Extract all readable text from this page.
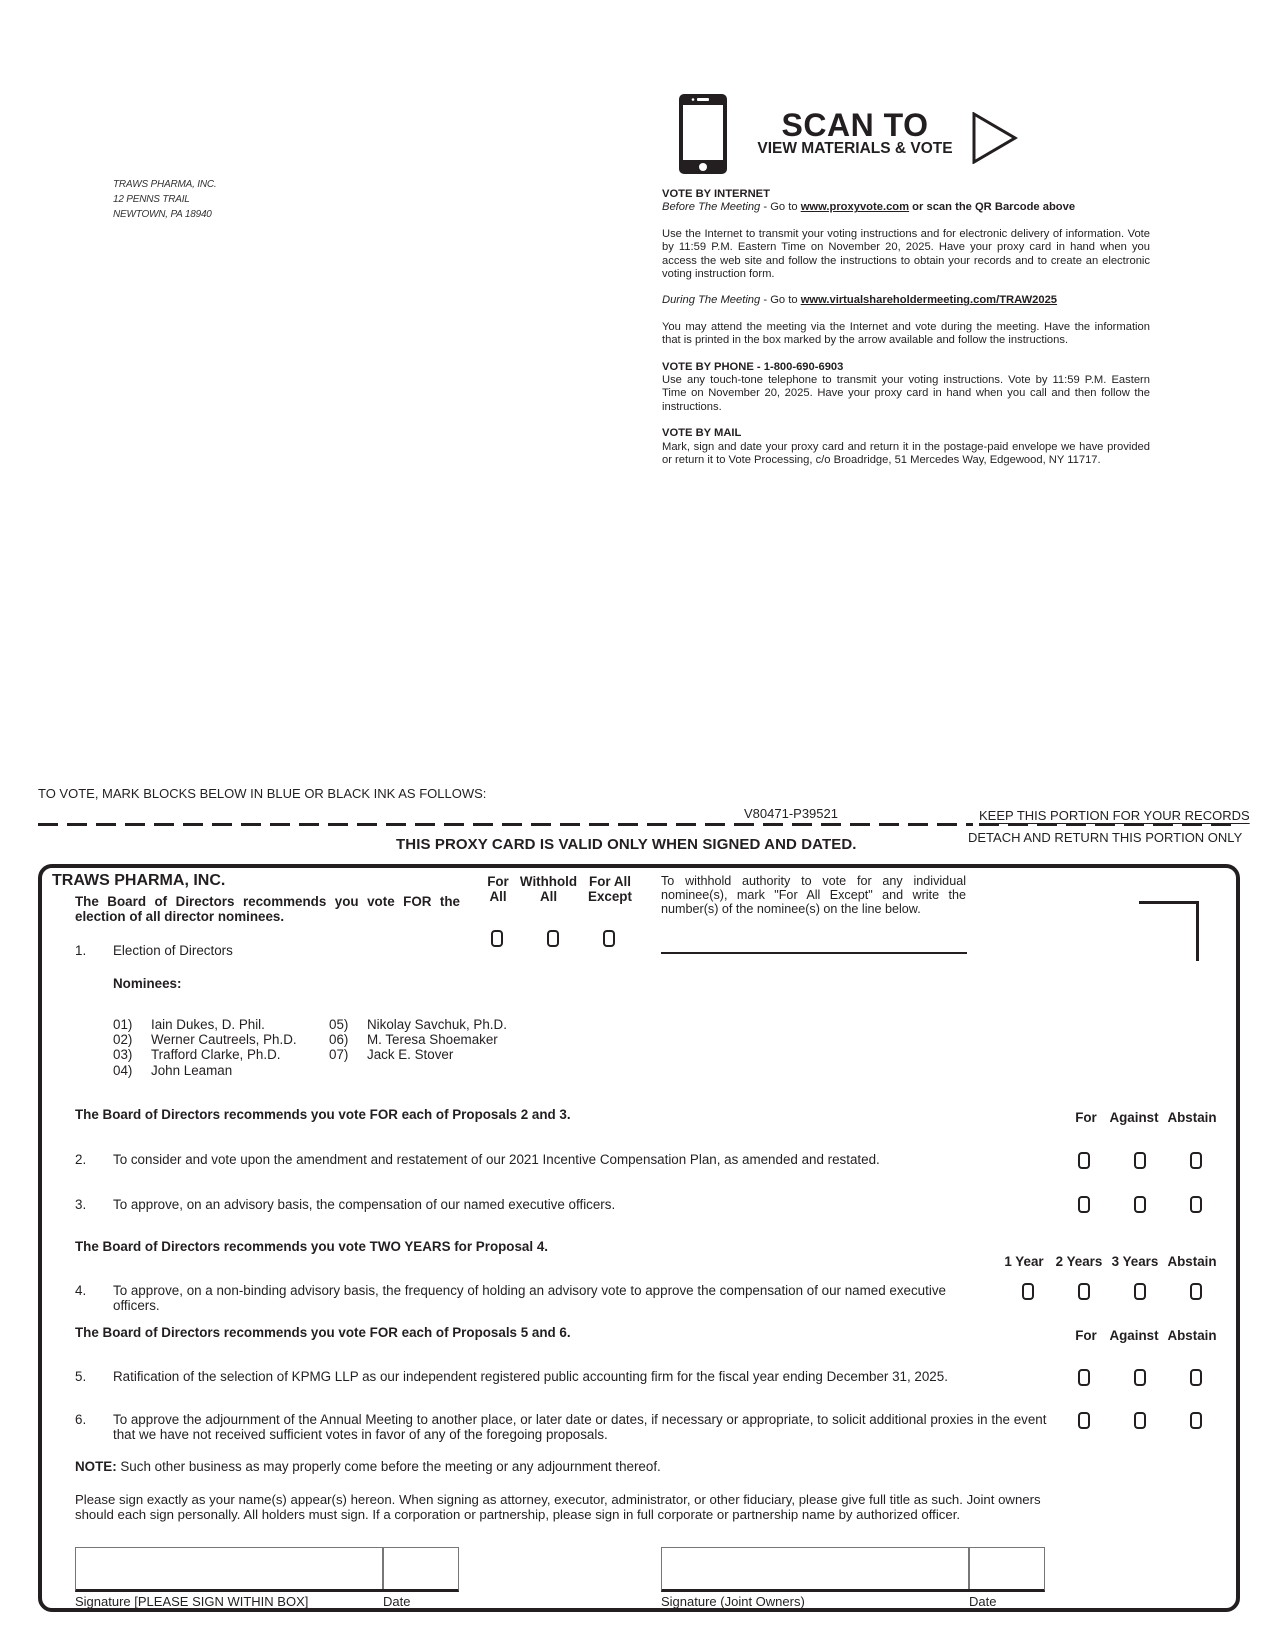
TRAWS PHARMA, INC.
12 PENNS TRAIL
NEWTOWN, PA 18940
SCAN TO
VIEW MATERIALS & VOTE
VOTE BY INTERNET
Before The Meeting - Go to www.proxyvote.com or scan the QR Barcode above

Use the Internet to transmit your voting instructions and for electronic delivery of information. Vote by 11:59 P.M. Eastern Time on November 20, 2025. Have your proxy card in hand when you access the web site and follow the instructions to obtain your records and to create an electronic voting instruction form.

During The Meeting - Go to www.virtualshareholdermeeting.com/TRAW2025

You may attend the meeting via the Internet and vote during the meeting. Have the information that is printed in the box marked by the arrow available and follow the instructions.

VOTE BY PHONE - 1-800-690-6903

Use any touch-tone telephone to transmit your voting instructions. Vote by 11:59 P.M. Eastern Time on November 20, 2025. Have your proxy card in hand when you call and then follow the instructions.

VOTE BY MAIL

Mark, sign and date your proxy card and return it in the postage-paid envelope we have provided or return it to Vote Processing, c/o Broadridge, 51 Mercedes Way, Edgewood, NY 11717.

TO VOTE, MARK BLOCKS BELOW IN BLUE OR BLACK INK AS FOLLOWS:
V80471-P39521	KEEP THIS PORTION FOR YOUR RECORDS
THIS PROXY CARD IS VALID ONLY WHEN SIGNED AND DATED.	DETACH AND RETURN THIS PORTION ONLY
TRAWS PHARMA, INC.
The Board of Directors recommends you vote FOR the election of all director nominees.
For
All
Withhold
All
For All
Except
To withhold authority to vote for any individual nominee(s), mark "For All Except" and write the number(s) of the nominee(s) on the line below.
1. Election of Directors
Nominees:
01) Iain Dukes, D. Phil.
02) Werner Cautreels, Ph.D.
03) Trafford Clarke, Ph.D.
04) John Leaman
05) Nikolay Savchuk, Ph.D.
06) M. Teresa Shoemaker
07) Jack E. Stover
The Board of Directors recommends you vote FOR each of Proposals 2 and 3.	For Against Abstain
2. To consider and vote upon the amendment and restatement of our 2021 Incentive Compensation Plan, as amended and restated.
3. To approve, on an advisory basis, the compensation of our named executive officers.
The Board of Directors recommends you vote TWO YEARS for Proposal 4.
1 Year 2 Years 3 Years Abstain
4. To approve, on a non-binding advisory basis, the frequency of holding an advisory vote to approve the compensation of our named executive officers.
The Board of Directors recommends you vote FOR each of Proposals 5 and 6.	For Against Abstain
5. Ratification of the selection of KPMG LLP as our independent registered public accounting firm for the fiscal year ending December 31, 2025.
6. To approve the adjournment of the Annual Meeting to another place, or later date or dates, if necessary or appropriate, to solicit additional proxies in the event that we have not received sufficient votes in favor of any of the foregoing proposals.
NOTE: Such other business as may properly come before the meeting or any adjournment thereof.
Please sign exactly as your name(s) appear(s) hereon. When signing as attorney, executor, administrator, or other fiduciary, please give full title as such. Joint owners should each sign personally. All holders must sign. If a corporation or partnership, please sign in full corporate or partnership name by authorized officer.
Signature [PLEASE SIGN WITHIN BOX]	Date	Signature (Joint Owners)	Date
